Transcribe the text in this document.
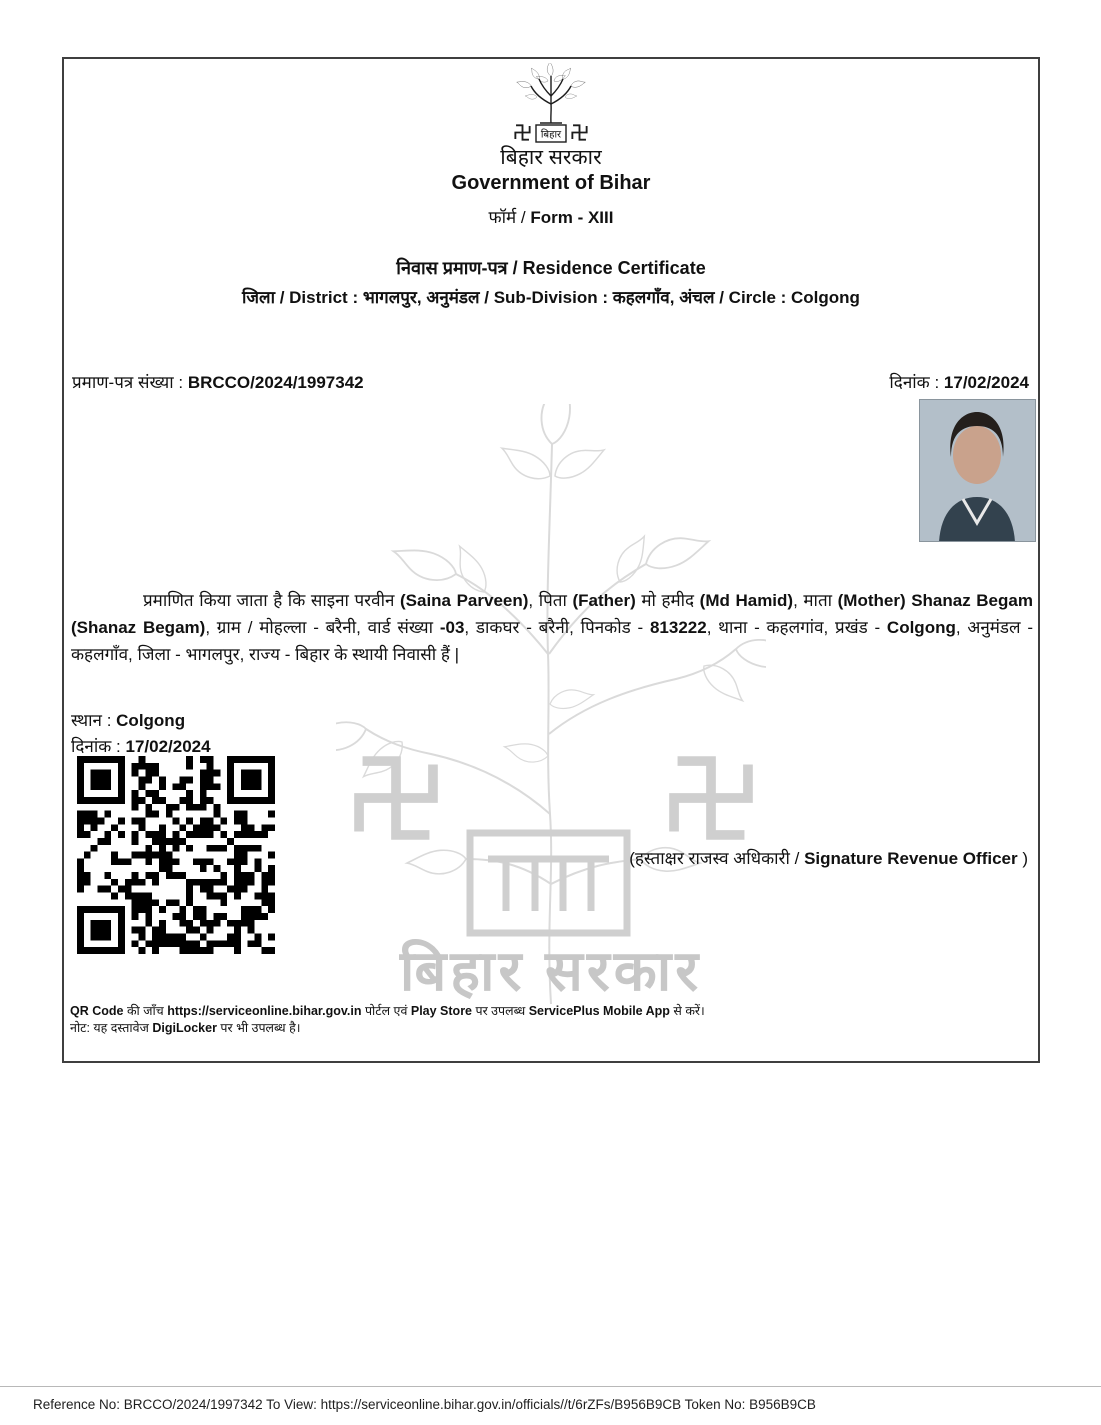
बिहार सरकार
बिहार
बिहार सरकार
Government of Bihar
फॉर्म / Form - XIII
निवास प्रमाण-पत्र / Residence Certificate
जिला / District : भागलपुर, अनुमंडल / Sub-Division : कहलगाँव, अंचल / Circle : Colgong
प्रमाण-पत्र संख्या : BRCCO/2024/1997342	दिनांक : 17/02/2024

प्रमाणित किया जाता है कि साइना परवीन (Saina Parveen), पिता (Father) मो हमीद (Md Hamid), माता (Mother) Shanaz Begam (Shanaz Begam), ग्राम / मोहल्ला - बरैनी, वार्ड संख्या -03, डाकघर - बरैनी, पिनकोड - 813222, थाना - कहलगांव, प्रखंड - Colgong, अनुमंडल - कहलगाँव, जिला - भागलपुर, राज्य - बिहार के स्थायी निवासी हैं |

स्थान : Colgong
दिनांक : 17/02/2024
(हस्ताक्षर राजस्व अधिकारी / Signature Revenue Officer )
QR Code की जाँच https://serviceonline.bihar.gov.in पोर्टल एवं Play Store पर उपलब्ध ServicePlus Mobile App से करें।
नोट: यह दस्तावेज DigiLocker पर भी उपलब्ध है।
Reference No: BRCCO/2024/1997342 To View: https://serviceonline.bihar.gov.in/officials//t/6rZFs/B956B9CB Token No: B956B9CB
